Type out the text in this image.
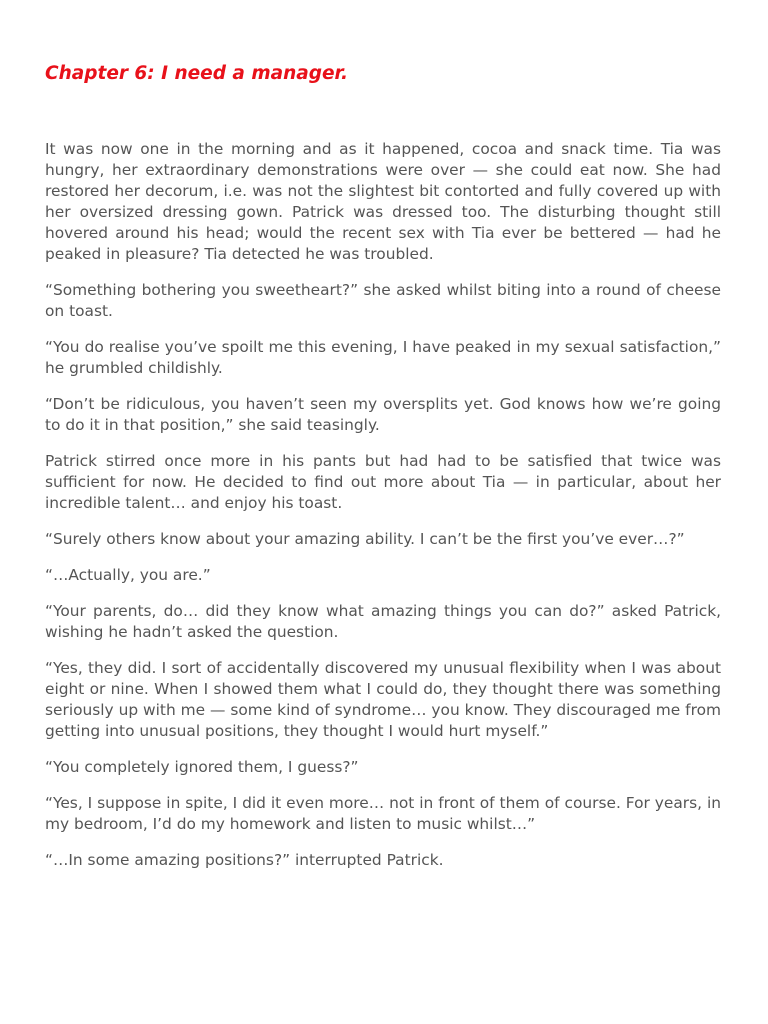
Chapter 6: I need a manager.

It was now one in the morning and as it happened, cocoa and snack time. Tia was hungry, her extraordinary demonstrations were over — she could eat now. She had restored her decorum, i.e. was not the slightest bit contorted and fully covered up with her oversized dressing gown. Patrick was dressed too. The disturbing thought still hovered around his head; would the recent sex with Tia ever be bettered — had he peaked in pleasure? Tia detected he was troubled.

“Something bothering you sweetheart?” she asked whilst biting into a round of cheese on toast.

“You do realise you’ve spoilt me this evening, I have peaked in my sexual satisfaction,” he grumbled childishly.

“Don’t be ridiculous, you haven’t seen my oversplits yet. God knows how we’re going to do it in that position,” she said teasingly.

Patrick stirred once more in his pants but had had to be satisfied that twice was sufficient for now. He decided to find out more about Tia — in particular, about her incredible talent… and enjoy his toast.

“Surely others know about your amazing ability. I can’t be the first you’ve ever…?”

“…Actually, you are.”

“Your parents, do… did they know what amazing things you can do?” asked Patrick, wishing he hadn’t asked the question.

“Yes, they did. I sort of accidentally discovered my unusual flexibility when I was about eight or nine. When I showed them what I could do, they thought there was something seriously up with me — some kind of syndrome… you know. They discouraged me from getting into unusual positions, they thought I would hurt myself.”

“You completely ignored them, I guess?”

“Yes, I suppose in spite, I did it even more… not in front of them of course. For years, in my bedroom, I’d do my homework and listen to music whilst…”

“…In some amazing positions?” interrupted Patrick.
